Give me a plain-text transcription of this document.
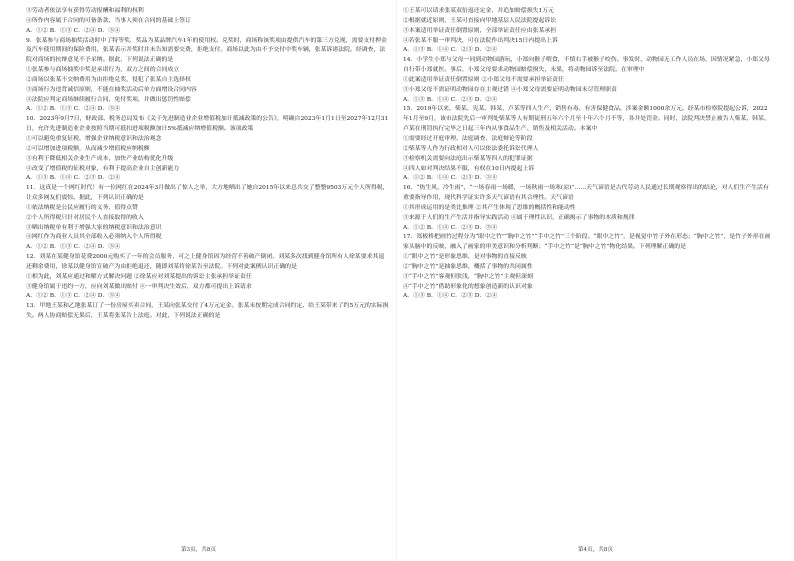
③劳动者依法享有获得劳动报酬和福利的权利

④所作内容属于合同的可备条款，当事人须在合同的基础上签订

A．①② B．①③ C．②④ D．③④

9．张某参与商场抽奖活动时中了特等奖，奖品为某品牌汽车1年的使用权。兑奖时，商场称该奖项由提供汽车的第三方兑现，需要支付押金及汽车使用期间的保险费用，张某表示并奖时并未告知需要交费，拒绝支付。商场以此为由不予交付中奖车辆，张某诉诸法院。经调查，法院对商场的抗辩意见不予采纳。据此，下列说法正确的是

①张某参与商场抽奖中奖是承诺行为，双方之间的合同成立

②商场以张某不交纳费用为由拒绝兑奖，侵犯了张某自主选择权

③商场行为违背诚信原则，不能在抽奖活动后单方面增设合同内容

④法院应判定商场继续履行合同，免付奖项，并做出惩罚性赔偿

A．①② B．①③ C．②④ D．③④

10．2023年9月7日，财政部、税务总局发布《关于先进制造业企业增值税加计抵减政策的公告》，明确自2023年1月1日至2027年12月31日，允许先进制造业企业按照当期可抵扣进项税额加计5%抵减应纳增值税额。该项政策

①可以避免重复征税，增强企业纳税意识和法治观念

②可以增加进项税额，从而减少增值税应纳税额

③有利于降低相关企业生产成本，加快产业结构优化升级

④改变了增值税的征税对象，有利于提高企业自主创新能力

A．①③ B．①④ C．②③ D．②④

11．这真是一个网红时代！有一位网红在2024年3月做出了惊人之举，大方地晒出了她自2015年以来总共交了整整9503万元个人所得税，让众多网友们震惊。据此，下列认识正确的是

①依法纳税是公民应履行的义务，值得点赞

②个人所得税只针对居民个人直接取得的收入

③晒出纳税单有利于增强大家的纳税意识和法治意识

④网红作为商业人员其全部收入必须纳入个人所得税

A．①② B．①③ C．②④ D．③④

12．刘某在某健身馆花费2000元购买了一年的会员服务，可之上健身馆因为经营不善破产倒闭。刘某多次找到健身馆所有人徐某要求其退还剩余费用，徐某以健身馆宣破产为由拒绝退还，随即刘某将徐某告至法院。下列对此案例认识正确的是

①相为此，刘某应通过和解方式解决问题 ②徐某应对刘某提出的诉讼主张承担举证责任

③健身馆属于违约一方，应向刘某做出赔付 ④一审判决生效后，双方都可提出上诉请求

A．①② B．①③ C．②④ D．③④

13．甲地王某和乙地张某订了一份房屋买卖合同，王某向张某交付了4万元定金。张某未按期完成合同约定，给王某带来了约5万元的实际损失。两人协商赔偿无果后，王某将张某告上法庭。对此，下列说法正确的是

第3页，共8页

①王某可以请求张某双倍返还定金，并追加赔偿损失1万元

②根据就近原则，王某可直接向甲地基层人民法院提起诉讼

③本案适用举证责任倒置原则，全部举证责任应由张某承担

④若张某不服一审判决，可在法院作出判决15日内提出上诉

A．①③ B．①④ C．②③ D．②④

14．小学生小郑与父母一同到动物园游玩，小郑向猴子喂食，不慎右手被猴子咬伤。事发时，动物园无工作人员在场，因情况紧急，小郑父母自行带小郑就医。事后，小郑父母要求动物园赔偿损失，未果，将动物园诉至法院。在审理中

①此案适用举证责任倒置原则 ②小郑父母不需要承担举证责任

③小郑父母不需证明动物园存在主观过错 ④小郑父母需要证明动物园未尽管理职责

A．①③ B．①④ C．②③ D．②④

15．2019年以来，柴某、宪某、韩某、卢某等四人生产、销售有毒、有害保健食品，涉案金额1000余万元。经某市检察院提起公诉，2022年1月至9月，该市法院先后一审判处柴某等人有期徒刑五年六个月至十年六个月不等，各并处罚金。同时，法院判决禁止被告人柴某、韩某、卢某在刑罚执行完毕之日起三年内从事食品生产、销售及相关活动。本案中

①需要经过开庭审理、法庭调查、法庭辩论等阶段

②柴某等人作为行政相对人可以依法委托诉讼代理人

③检察机关需要向法庭出示柴某等四人的犯罪证据

④四人如对判决结果不服，有权在10日内提起上诉

A．①② B．①④ C．②③ D．③④

16．“热生风，冷生雨”，“一场春雨一场暖，一场秋雨一场寒(凉)”……天气谚语是古代劳动人民通过长期观察得出的结论，对人们生产生活有重要指导作用，现代科学证实许多天气谚语有其合理性。天气谚语

①其形成运用的是类比推理 ②其产生体现了思维的概括性和能动性

③来源于人们的生产生活并指导实践活动 ④属于理性认识，正确揭示了事物的本质和规律

A．①② B．①④ C．②③ D．③④

17．郑板桥把画竹过程分为“眼中之竹”“胸中之竹”“手中之竹”三个阶段。“眼中之竹”，是视觉中竹子外在形态；“胸中之竹”，是竹子外形在画家头脑中的反映，融入了画家的审美意识和分析判断；“手中之竹”是“胸中之竹”物化结果。下列理解正确的是

①“眼中之竹”是形象思维，是对事物的直接反映

②“胸中之竹”是抽象思维，概括了事物的共同属性

③“手中之竹”客观但肤浅，“胸中之竹”主观但深刻

④“手中之竹”借助形象化的想象创造新的认识对象

A．①③ B．①④ C．②③ D．②④

第4页，共8页
